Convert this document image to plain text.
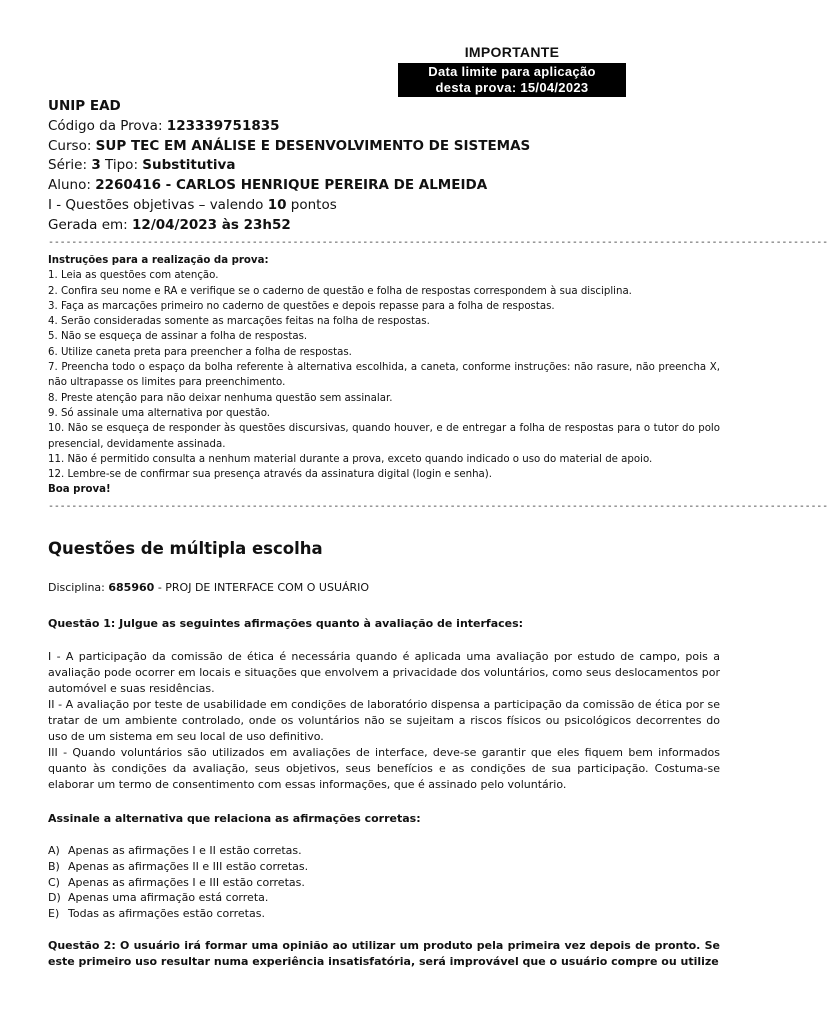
IMPORTANTE
Data limite para aplicação
desta prova: 15/04/2023
UNIP EAD
Código da Prova: 123339751835
Curso: SUP TEC EM ANÁLISE E DESENVOLVIMENTO DE SISTEMAS
Série: 3 Tipo: Substitutiva
Aluno: 2260416 - CARLOS HENRIQUE PEREIRA DE ALMEIDA
I - Questões objetivas – valendo 10 pontos
Gerada em: 12/04/2023 às 23h52
--------------------------------------------------------------------------------------------------------------------------------------
Instruções para a realização da prova:
1. Leia as questões com atenção.
2. Confira seu nome e RA e verifique se o caderno de questão e folha de respostas correspondem à sua disciplina.
3. Faça as marcações primeiro no caderno de questões e depois repasse para a folha de respostas.
4. Serão consideradas somente as marcações feitas na folha de respostas.
5. Não se esqueça de assinar a folha de respostas.
6. Utilize caneta preta para preencher a folha de respostas.
7. Preencha todo o espaço da bolha referente à alternativa escolhida, a caneta, conforme instruções: não rasure, não preencha X, não ultrapasse os limites para preenchimento.
8. Preste atenção para não deixar nenhuma questão sem assinalar.
9. Só assinale uma alternativa por questão.
10. Não se esqueça de responder às questões discursivas, quando houver, e de entregar a folha de respostas para o tutor do polo presencial, devidamente assinada.
11. Não é permitido consulta a nenhum material durante a prova, exceto quando indicado o uso do material de apoio.
12. Lembre-se de confirmar sua presença através da assinatura digital (login e senha).
Boa prova!
--------------------------------------------------------------------------------------------------------------------------------------
Questões de múltipla escolha
Disciplina: 685960 - PROJ DE INTERFACE COM O USUÁRIO

Questão 1: Julgue as seguintes afirmações quanto à avaliação de interfaces:

I - A participação da comissão de ética é necessária quando é aplicada uma avaliação por estudo de campo, pois a avaliação pode ocorrer em locais e situações que envolvem a privacidade dos voluntários, como seus deslocamentos por automóvel e suas residências.

II - A avaliação por teste de usabilidade em condições de laboratório dispensa a participação da comissão de ética por se tratar de um ambiente controlado, onde os voluntários não se sujeitam a riscos físicos ou psicológicos decorrentes do uso de um sistema em seu local de uso definitivo.

III - Quando voluntários são utilizados em avaliações de interface, deve-se garantir que eles fiquem bem informados quanto às condições da avaliação, seus objetivos, seus benefícios e as condições de sua participação. Costuma-se elaborar um termo de consentimento com essas informações, que é assinado pelo voluntário.

Assinale a alternativa que relaciona as afirmações corretas:

A) Apenas as afirmações I e II estão corretas.
B) Apenas as afirmações II e III estão corretas.
C) Apenas as afirmações I e III estão corretas.
D) Apenas uma afirmação está correta.
E) Todas as afirmações estão corretas.

Questão 2: O usuário irá formar uma opinião ao utilizar um produto pela primeira vez depois de pronto. Se este primeiro uso resultar numa experiência insatisfatória, será improvável que o usuário compre ou utilize
